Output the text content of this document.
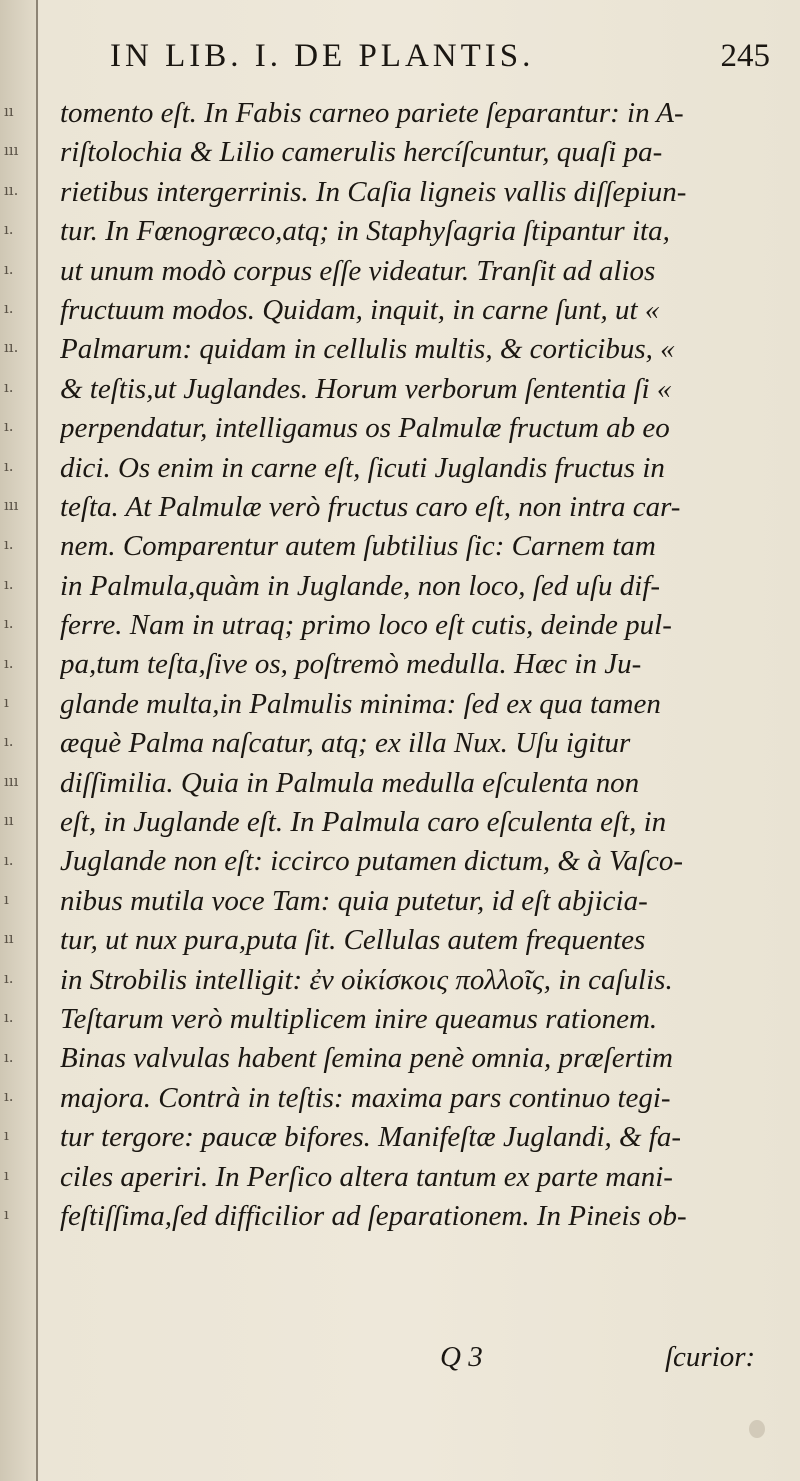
ıı
ııı
ıı.
ı.
ı.
ı.
ıı.
ı.
ı.
ı.
ııı
ı.
ı.
ı.
ı.
ı
ı.
ııı
ıı
ı.
ı
ıı
ı.
ı.
ı.
ı.
ı
ı
ı
IN LIB. I. DE PLANTIS.	245
tomento eſt. In Fabis carneo pariete ſeparantur: in A-
riſtolochia & Lilio camerulis hercíſcuntur, quaſi pa-
rietibus intergerrinis. In Caſia ligneis vallis diſſepiun-
tur. In Fœnogræco,atq; in Staphyſagria ſtipantur ita,
ut unum modò corpus eſſe videatur. Tranſit ad alios
fructuum modos. Quidam, inquit, in carne ſunt, ut «
Palmarum: quidam in cellulis multis, & corticibus, «
& teſtis,ut Juglandes. Horum verborum ſententia ſi «
perpendatur, intelligamus os Palmulæ fructum ab eo
dici. Os enim in carne eſt, ſicuti Juglandis fructus in
teſta. At Palmulæ verò fructus caro eſt, non intra car-
nem. Comparentur autem ſubtilius ſic: Carnem tam
in Palmula,quàm in Juglande, non loco, ſed uſu dif-
ferre. Nam in utraq; primo loco eſt cutis, deinde pul-
pa,tum teſta,ſive os, poſtremò medulla. Hæc in Ju-
glande multa,in Palmulis minima: ſed ex qua tamen
æquè Palma naſcatur, atq; ex illa Nux. Uſu igitur
diſſimilia. Quia in Palmula medulla eſculenta non
eſt, in Juglande eſt. In Palmula caro eſculenta eſt, in
Juglande non eſt: iccirco putamen dictum, & à Vaſco-
nibus mutila voce Tam: quia putetur, id eſt abjicia-
tur, ut nux pura,puta ſit. Cellulas autem frequentes
in Strobilis intelligit: ἐν οἰκίσκοις πολλοῖς, in caſulis.
Teſtarum verò multiplicem inire queamus rationem.
Binas valvulas habent ſemina penè omnia, præſertim
majora. Contrà in teſtis: maxima pars continuo tegi-
tur tergore: paucæ bifores. Manifeſtæ Juglandi, & fa-
ciles aperiri. In Perſico altera tantum ex parte mani-
feſtiſſima,ſed difficilior ad ſeparationem. In Pineis ob-
Q 3	ſcurior:
